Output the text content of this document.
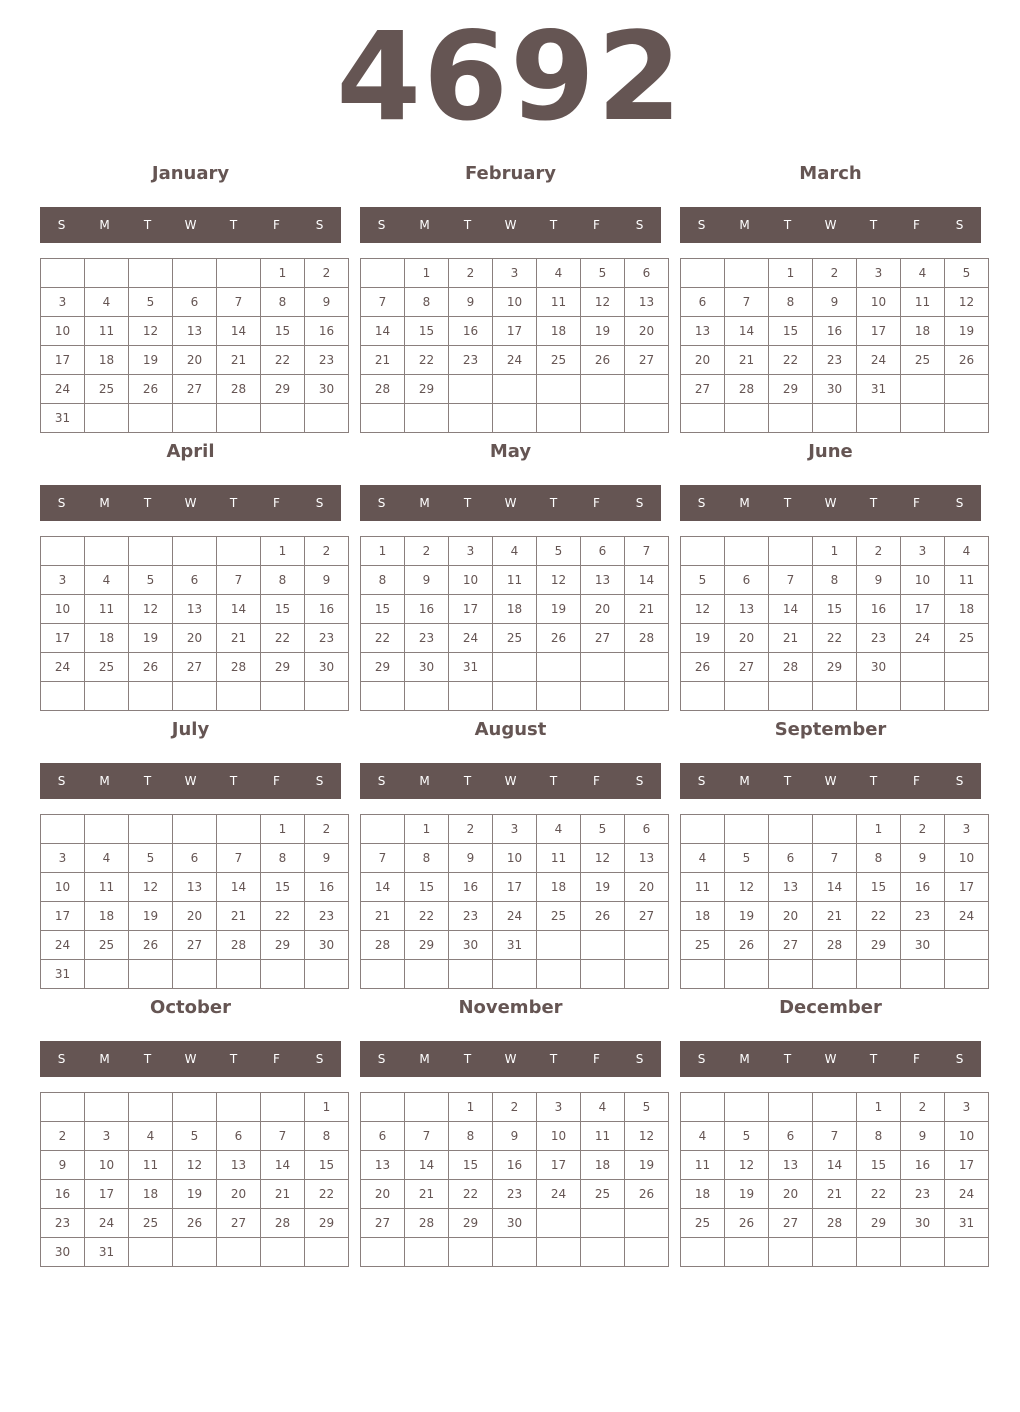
4692
January
S	M	T	W	T	F	S
					1	2
3	4	5	6	7	8	9
10	11	12	13	14	15	16
17	18	19	20	21	22	23
24	25	26	27	28	29	30
31						
February
S	M	T	W	T	F	S
	1	2	3	4	5	6
7	8	9	10	11	12	13
14	15	16	17	18	19	20
21	22	23	24	25	26	27
28	29					

March
S	M	T	W	T	F	S
		1	2	3	4	5
6	7	8	9	10	11	12
13	14	15	16	17	18	19
20	21	22	23	24	25	26
27	28	29	30	31		

April
S	M	T	W	T	F	S
					1	2
3	4	5	6	7	8	9
10	11	12	13	14	15	16
17	18	19	20	21	22	23
24	25	26	27	28	29	30

May
S	M	T	W	T	F	S
1	2	3	4	5	6	7
8	9	10	11	12	13	14
15	16	17	18	19	20	21
22	23	24	25	26	27	28
29	30	31				

June
S	M	T	W	T	F	S
			1	2	3	4
5	6	7	8	9	10	11
12	13	14	15	16	17	18
19	20	21	22	23	24	25
26	27	28	29	30		

July
S	M	T	W	T	F	S
					1	2
3	4	5	6	7	8	9
10	11	12	13	14	15	16
17	18	19	20	21	22	23
24	25	26	27	28	29	30
31						
August
S	M	T	W	T	F	S
	1	2	3	4	5	6
7	8	9	10	11	12	13
14	15	16	17	18	19	20
21	22	23	24	25	26	27
28	29	30	31			

September
S	M	T	W	T	F	S
				1	2	3
4	5	6	7	8	9	10
11	12	13	14	15	16	17
18	19	20	21	22	23	24
25	26	27	28	29	30	

October
S	M	T	W	T	F	S
						1
2	3	4	5	6	7	8
9	10	11	12	13	14	15
16	17	18	19	20	21	22
23	24	25	26	27	28	29
30	31					
November
S	M	T	W	T	F	S
		1	2	3	4	5
6	7	8	9	10	11	12
13	14	15	16	17	18	19
20	21	22	23	24	25	26
27	28	29	30			

December
S	M	T	W	T	F	S
				1	2	3
4	5	6	7	8	9	10
11	12	13	14	15	16	17
18	19	20	21	22	23	24
25	26	27	28	29	30	31
